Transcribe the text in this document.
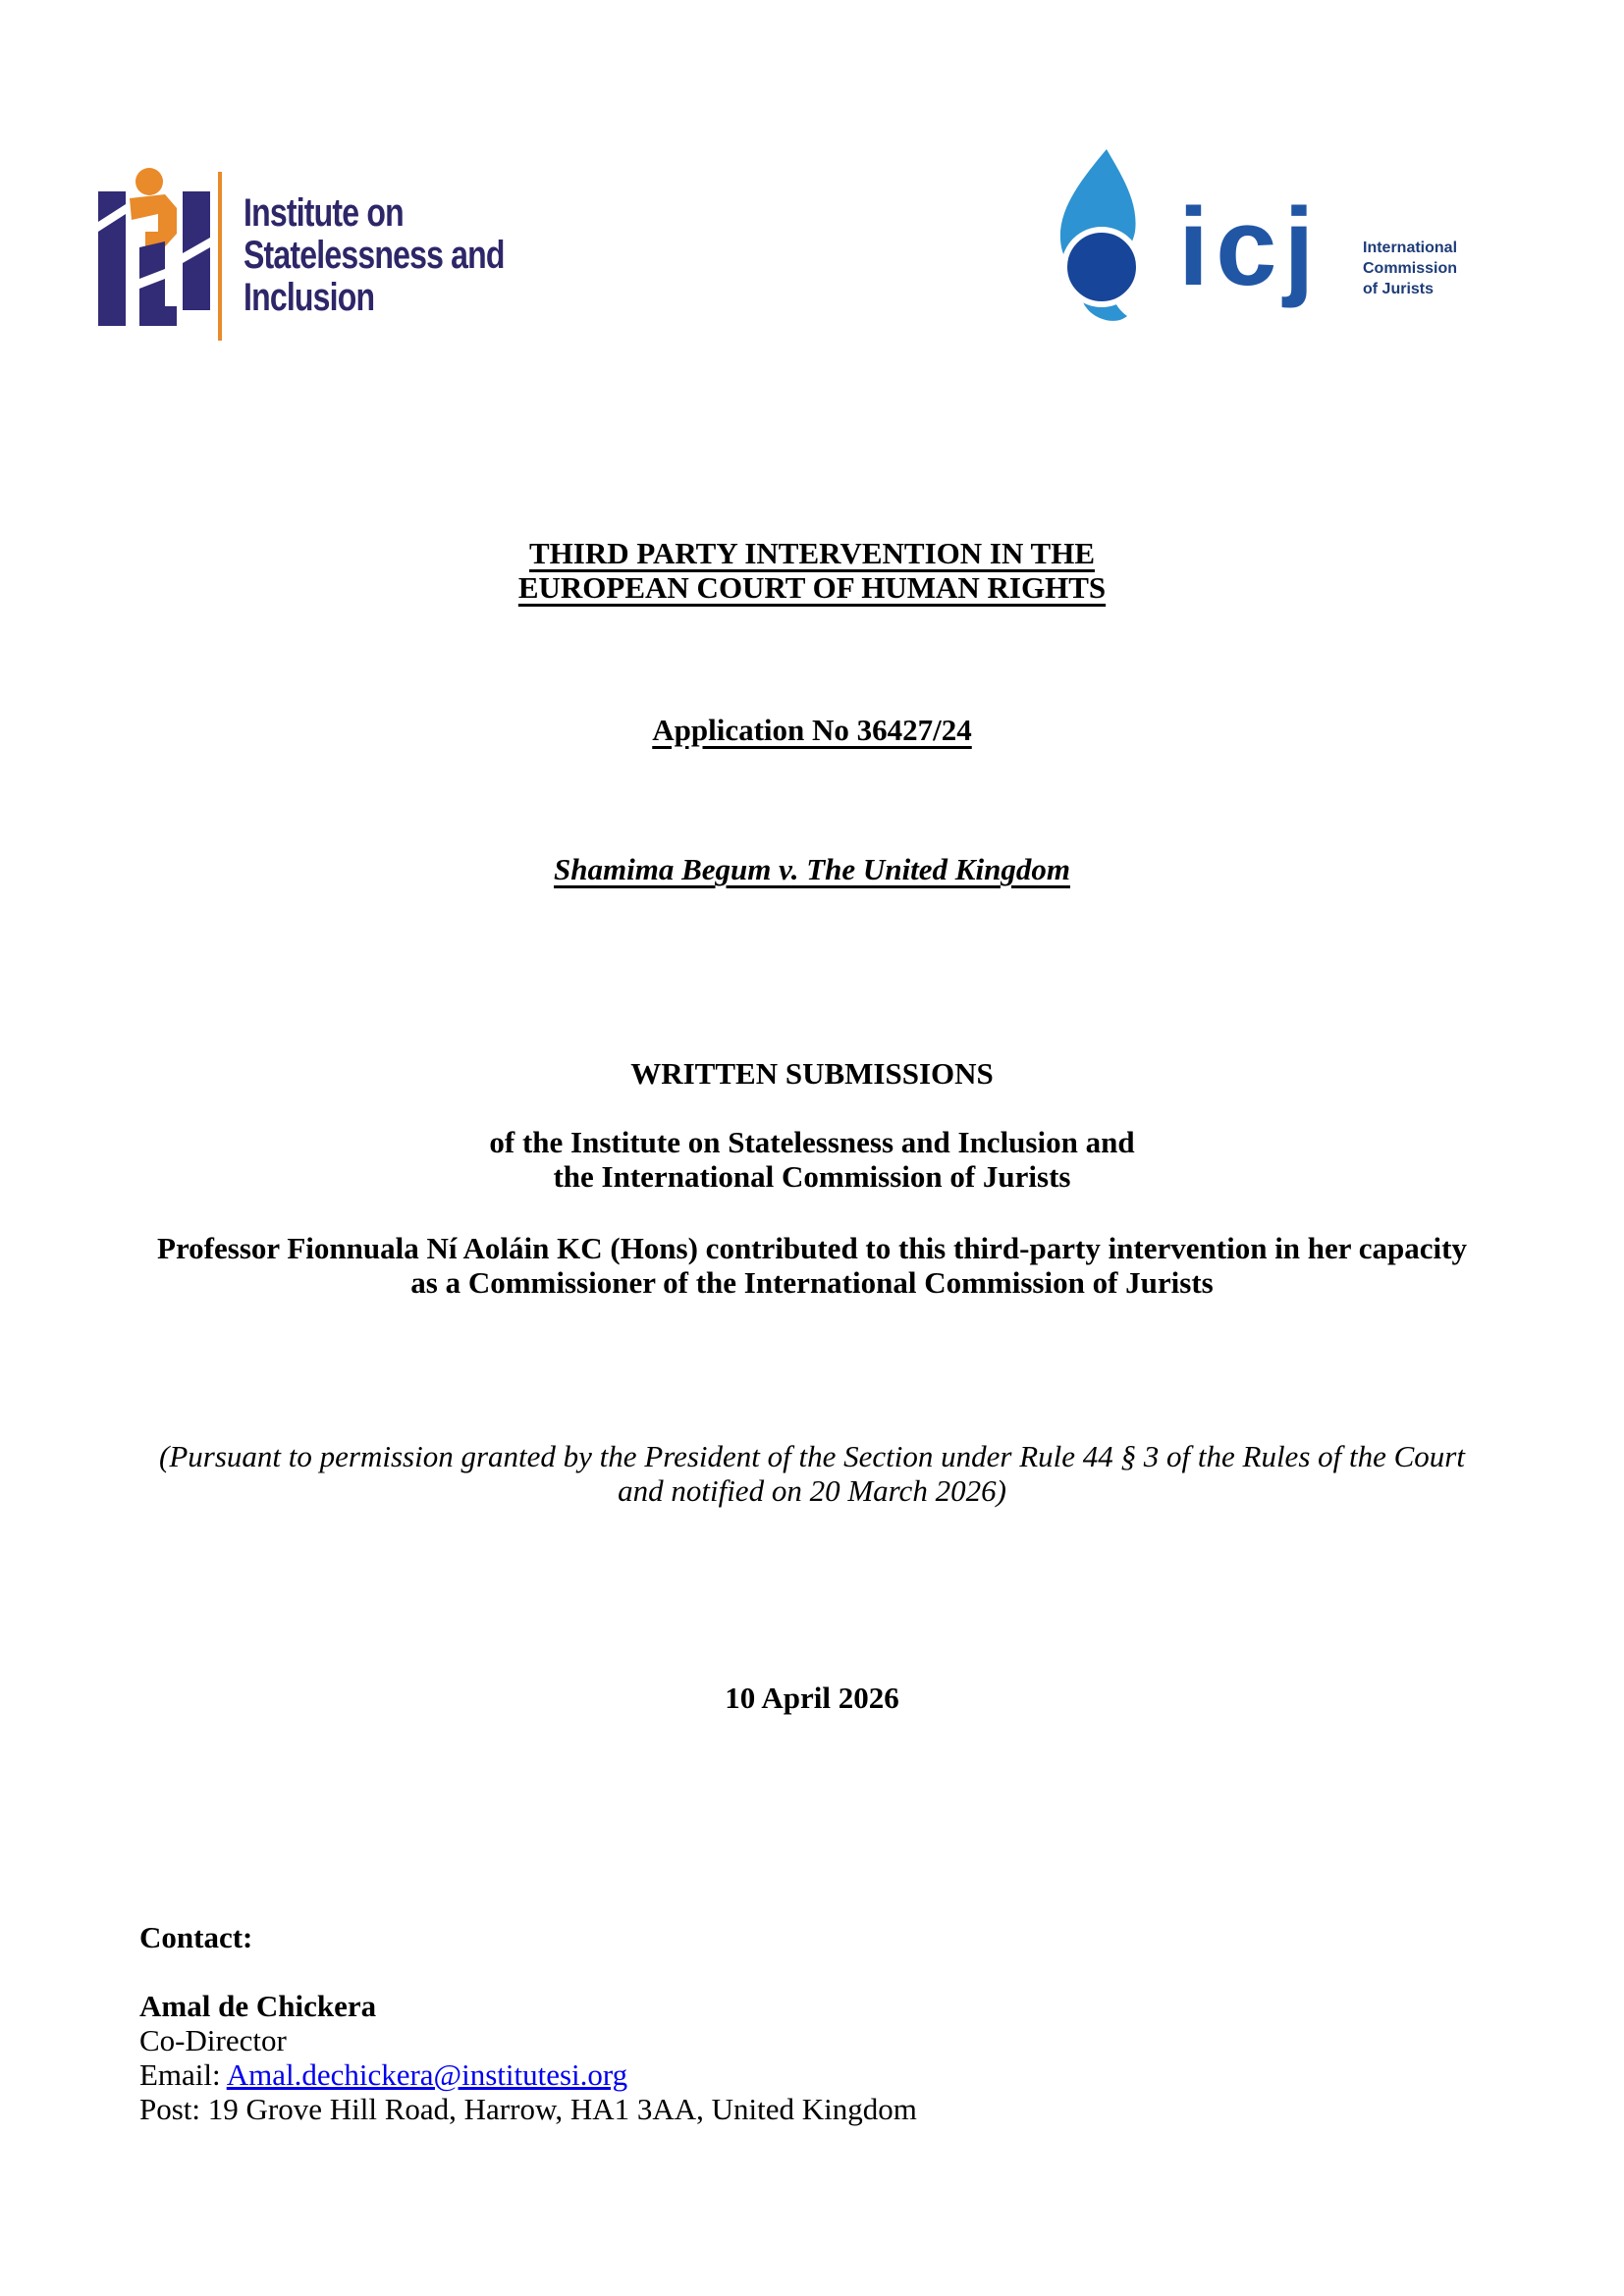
Institute on
Statelessness and
Inclusion	icj	International
Commission
of Jurists
THIRD PARTY INTERVENTION IN THE
EUROPEAN COURT OF HUMAN RIGHTS
Application No 36427/24
Shamima Begum v. The United Kingdom
WRITTEN SUBMISSIONS
of the Institute on Statelessness and Inclusion and
the International Commission of Jurists
Professor Fionnuala Ní Aoláin KC (Hons) contributed to this third-party intervention in her capacity
as a Commissioner of the International Commission of Jurists
(Pursuant to permission granted by the President of the Section under Rule 44 § 3 of the Rules of the Court
and notified on 20 March 2026)
10 April 2026
Contact:
Amal de Chickera
Co-Director
Email: Amal.dechickera@institutesi.org
Post: 19 Grove Hill Road, Harrow, HA1 3AA, United Kingdom
